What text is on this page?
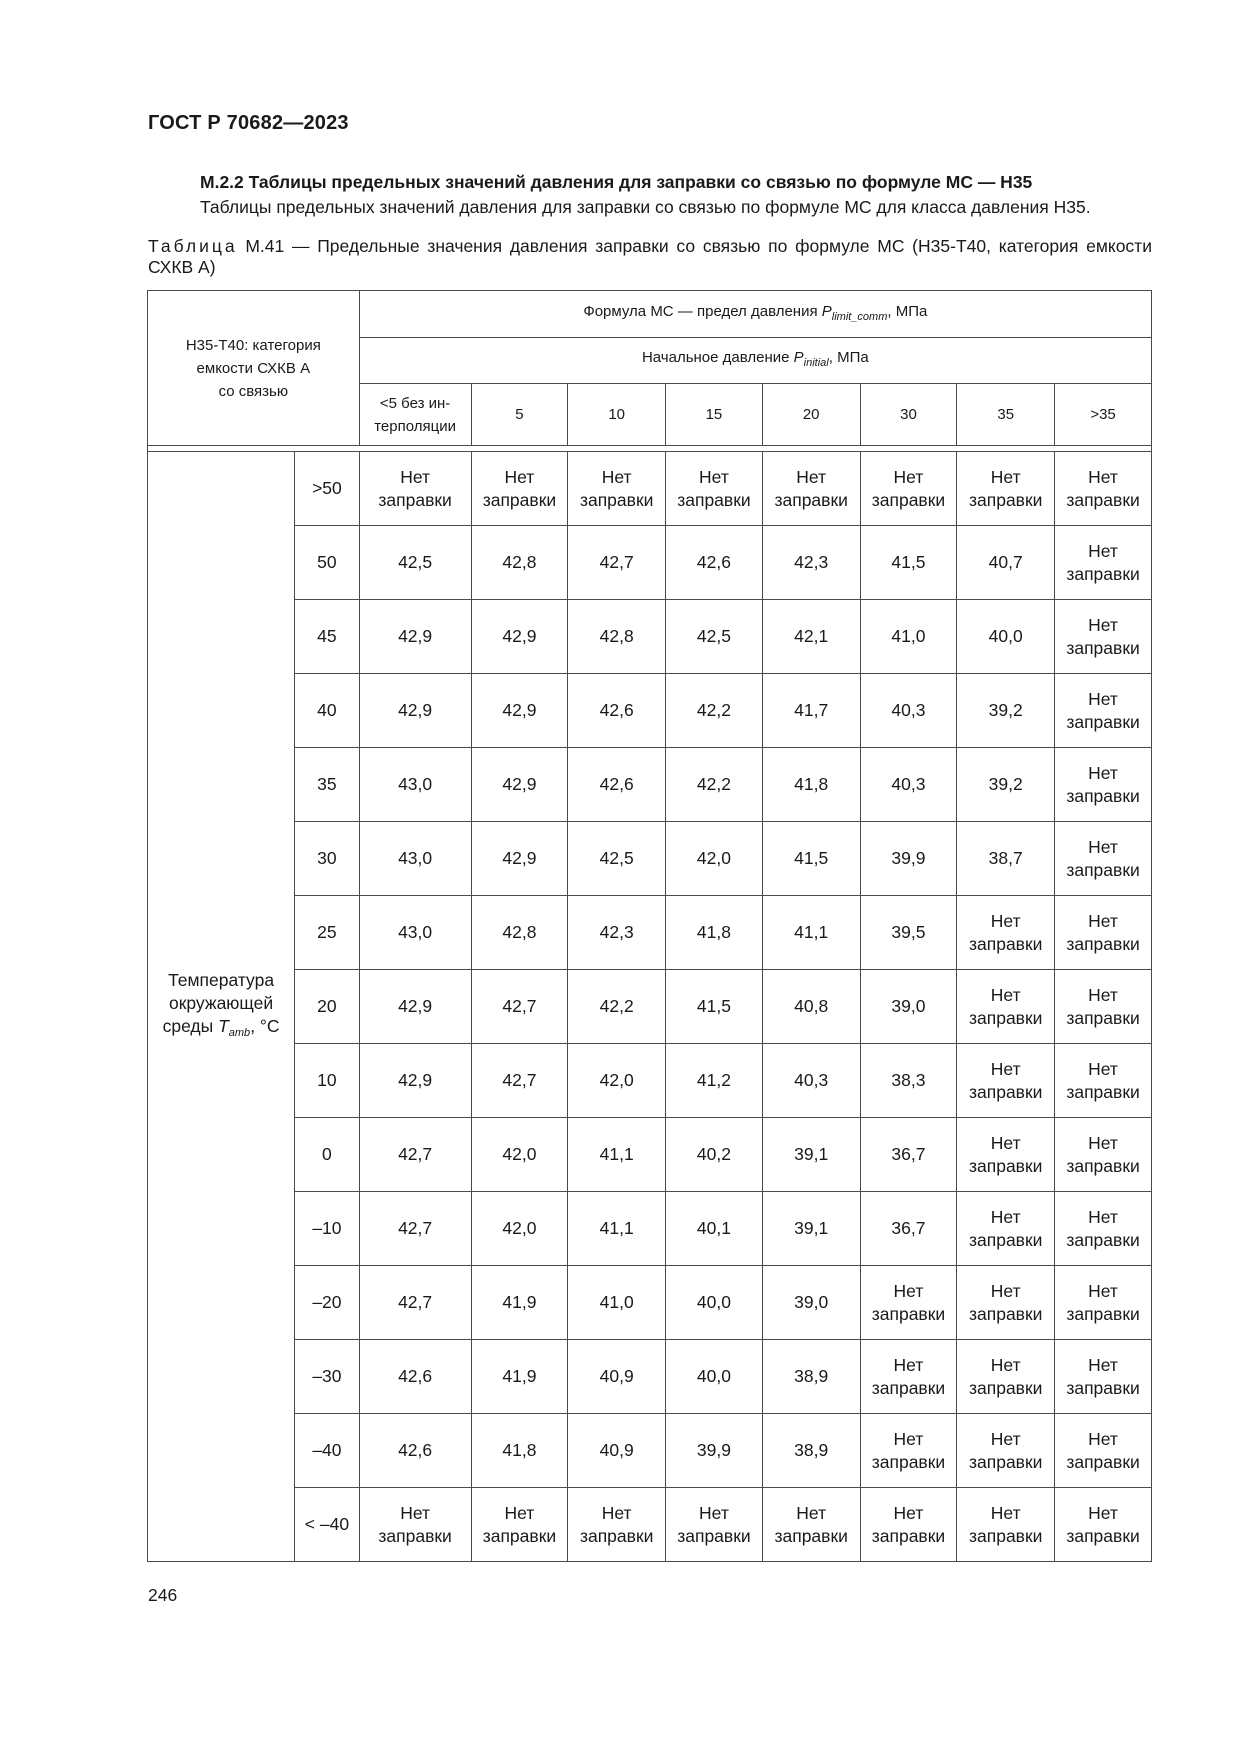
ГОСТ Р 70682—2023
М.2.2 Таблицы предельных значений давления для заправки со связью по формуле МС — Н35
Таблицы предельных значений давления для заправки со связью по формуле МС для класса давления Н35.
Таблица М.41 — Предельные значения давления заправки со связью по формуле МС (Н35-Т40, категория емкости СХКВ А)
Н35-Т40: категория
емкости СХКВ А
со связью		Формула МС — предел давления $P_{limit\_comm}$, МПа							
		Начальное давление $P_{initial}$, МПа							
		<5 без ин-
терполяции	5	10	15	20	30	35	>35

Температура
окружающей
среды $T_{amb}$, °С	>50	Нет
заправки	Нет
заправки	Нет
заправки	Нет
заправки	Нет
заправки	Нет
заправки	Нет
заправки	Нет
заправки
	50	42,5	42,8	42,7	42,6	42,3	41,5	40,7	Нет
заправки
	45	42,9	42,9	42,8	42,5	42,1	41,0	40,0	Нет
заправки
	40	42,9	42,9	42,6	42,2	41,7	40,3	39,2	Нет
заправки
	35	43,0	42,9	42,6	42,2	41,8	40,3	39,2	Нет
заправки
	30	43,0	42,9	42,5	42,0	41,5	39,9	38,7	Нет
заправки
	25	43,0	42,8	42,3	41,8	41,1	39,5	Нет
заправки	Нет
заправки
	20	42,9	42,7	42,2	41,5	40,8	39,0	Нет
заправки	Нет
заправки
	10	42,9	42,7	42,0	41,2	40,3	38,3	Нет
заправки	Нет
заправки
	0	42,7	42,0	41,1	40,2	39,1	36,7	Нет
заправки	Нет
заправки
	–10	42,7	42,0	41,1	40,1	39,1	36,7	Нет
заправки	Нет
заправки
	–20	42,7	41,9	41,0	40,0	39,0	Нет
заправки	Нет
заправки	Нет
заправки
	–30	42,6	41,9	40,9	40,0	38,9	Нет
заправки	Нет
заправки	Нет
заправки
	–40	42,6	41,8	40,9	39,9	38,9	Нет
заправки	Нет
заправки	Нет
заправки
	< –40	Нет
заправки	Нет
заправки	Нет
заправки	Нет
заправки	Нет
заправки	Нет
заправки	Нет
заправки	Нет
заправки
246
